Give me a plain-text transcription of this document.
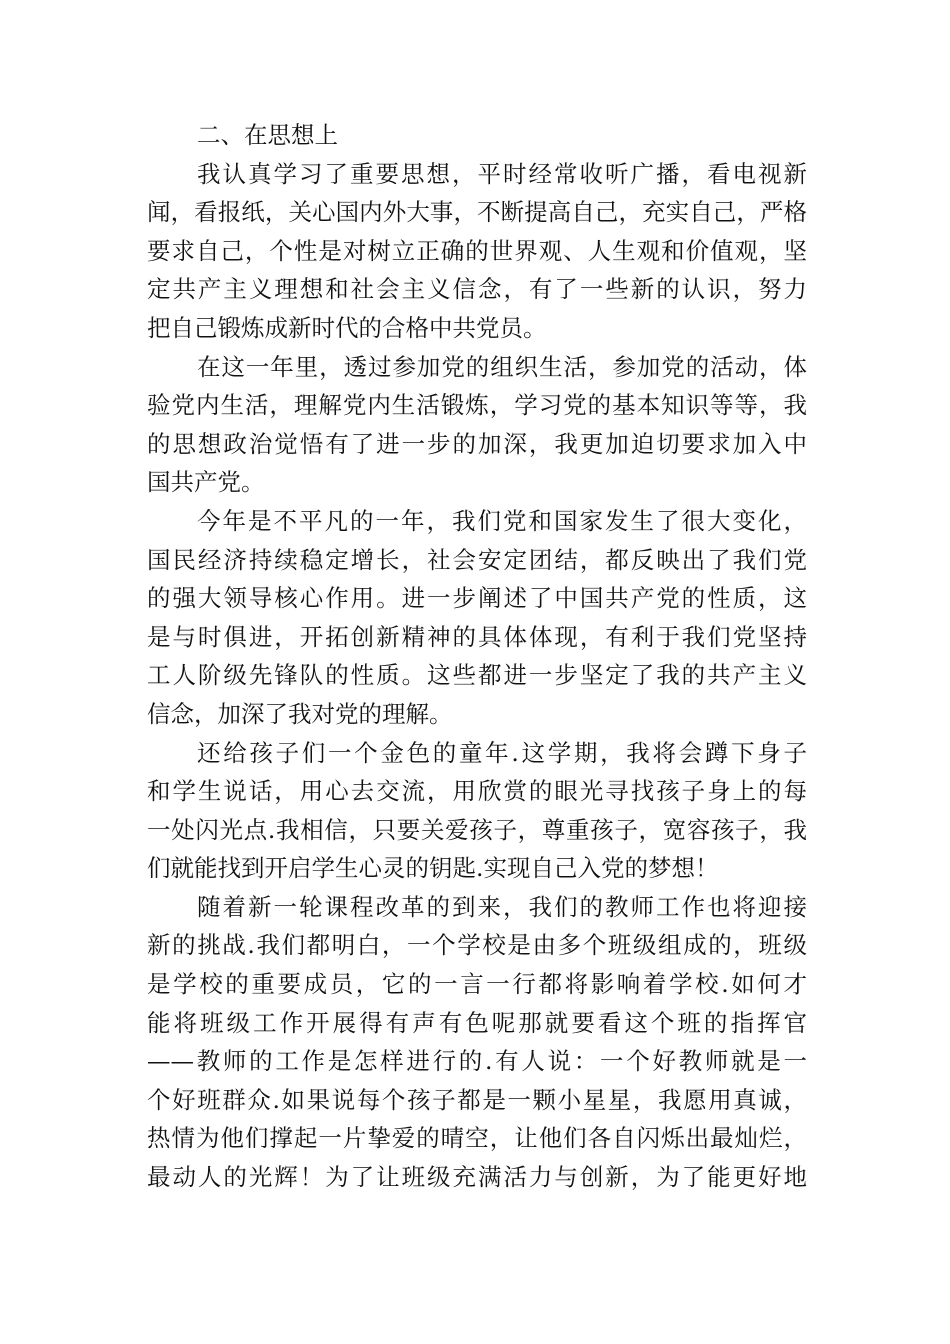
二、在思想上
我认真学习了重要思想，平时经常收听广播，看电视新
闻，看报纸，关心国内外大事，不断提高自己，充实自己，严格
要求自己，个性是对树立正确的世界观、人生观和价值观，坚
定共产主义理想和社会主义信念，有了一些新的认识，努力
把自己锻炼成新时代的合格中共党员。
在这一年里，透过参加党的组织生活，参加党的活动，体
验党内生活，理解党内生活锻炼，学习党的基本知识等等，我
的思想政治觉悟有了进一步的加深，我更加迫切要求加入中
国共产党。
今年是不平凡的一年，我们党和国家发生了很大变化，
国民经济持续稳定增长，社会安定团结，都反映出了我们党
的强大领导核心作用。进一步阐述了中国共产党的性质，这
是与时俱进，开拓创新精神的具体体现，有利于我们党坚持
工人阶级先锋队的性质。这些都进一步坚定了我的共产主义
信念，加深了我对党的理解。
还给孩子们一个金色的童年.这学期，我将会蹲下身子
和学生说话，用心去交流，用欣赏的眼光寻找孩子身上的每
一处闪光点.我相信，只要关爱孩子，尊重孩子，宽容孩子，我
们就能找到开启学生心灵的钥匙.实现自己入党的梦想！
随着新一轮课程改革的到来，我们的教师工作也将迎接
新的挑战.我们都明白，一个学校是由多个班级组成的，班级
是学校的重要成员，它的一言一行都将影响着学校.如何才
能将班级工作开展得有声有色呢那就要看这个班的指挥官
——教师的工作是怎样进行的.有人说：一个好教师就是一
个好班群众.如果说每个孩子都是一颗小星星，我愿用真诚，
热情为他们撑起一片挚爱的晴空，让他们各自闪烁出最灿烂，
最动人的光辉！为了让班级充满活力与创新，为了能更好地
